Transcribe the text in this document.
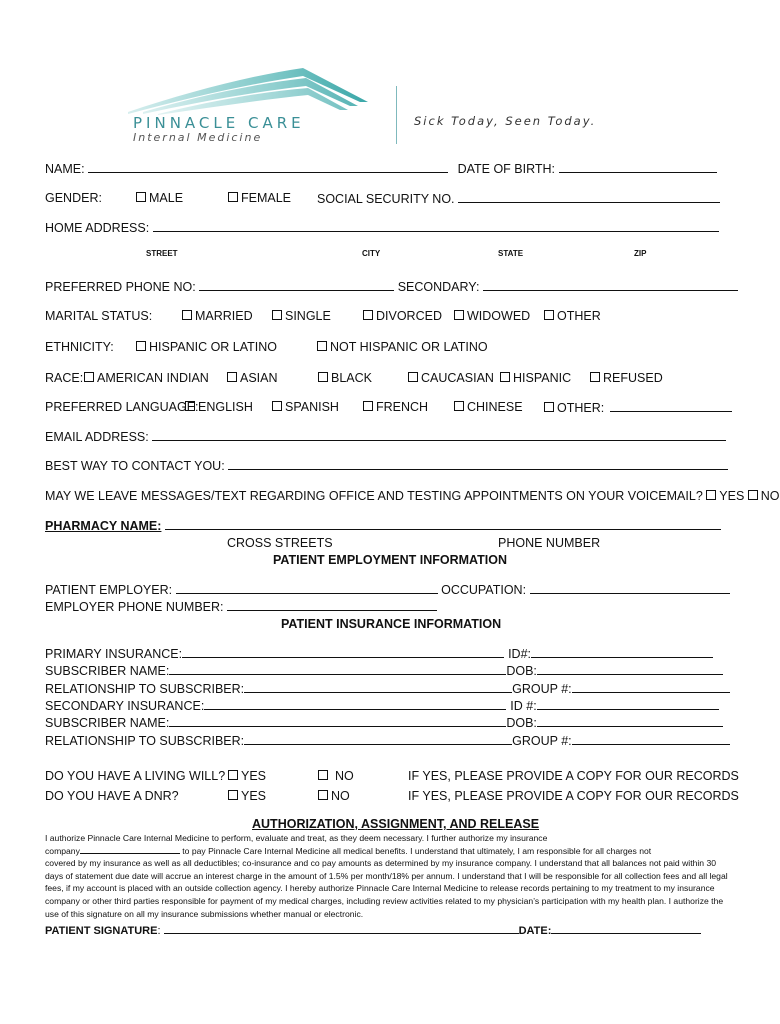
PINNACLE CARE
Internal Medicine
Sick Today, Seen Today.
NAME:	DATE OF BIRTH:
GENDER:	MALE	FEMALE SOCIAL SECURITY NO.
HOME ADDRESS:
STREET	CITY	STATE	ZIP
PREFERRED PHONE NO:	SECONDARY:
MARITAL STATUS:	MARRIED	SINGLE	DIVORCED	WIDOWED	OTHER
ETHNICITY:	HISPANIC OR LATINO	NOT HISPANIC OR LATINO
RACE:	AMERICAN INDIAN	ASIAN	BLACK	CAUCASIAN	HISPANIC	REFUSED
PREFERRED LANGUAGE: ENGLISH	SPANISH	FRENCH	CHINESE	OTHER:
EMAIL ADDRESS:
BEST WAY TO CONTACT YOU:
MAY WE LEAVE MESSAGES/TEXT REGARDING OFFICE AND TESTING APPOINTMENTS ON YOUR VOICEMAIL? YES NO
PHARMACY NAME:
CROSS STREETS	PHONE NUMBER
PATIENT EMPLOYMENT INFORMATION
PATIENT EMPLOYER:	OCCUPATION:
EMPLOYER PHONE NUMBER:
PATIENT INSURANCE INFORMATION
PRIMARY INSURANCE:	ID#:
SUBSCRIBER NAME:	DOB:
RELATIONSHIP TO SUBSCRIBER:	GROUP #:
SECONDARY INSURANCE:	ID #:
SUBSCRIBER NAME:	DOB:
RELATIONSHIP TO SUBSCRIBER:	GROUP #:
DO YOU HAVE A LIVING WILL?	YES	NO	IF YES, PLEASE PROVIDE A COPY FOR OUR RECORDS
DO YOU HAVE A DNR?	YES	NO	IF YES, PLEASE PROVIDE A COPY FOR OUR RECORDS
AUTHORIZATION, ASSIGNMENT, AND RELEASE
I authorize Pinnacle Care Internal Medicine to perform, evaluate and treat, as they deem necessary. I further authorize my insurance
company	to pay Pinnacle Care Internal Medicine all medical benefits. I understand that ultimately, I am responsible for all charges not
covered by my insurance as well as all deductibles; co-insurance and co pay amounts as determined by my insurance company. I understand that all balances not paid within 30 days of statement due date will accrue an interest charge in the amount of 1.5% per month/18% per annum. I understand that I will be responsible for all collection fees and all legal fees, if my account is placed with an outside collection agency. I hereby authorize Pinnacle Care Internal Medicine to release records pertaining to my treatment to my insurance company or other third parties responsible for payment of my medical charges, including review activities related to my physician’s participation with my health plan. I authorize the use of this signature on all my insurance submissions whether manual or electronic.
PATIENT SIGNATURE:	DATE:
